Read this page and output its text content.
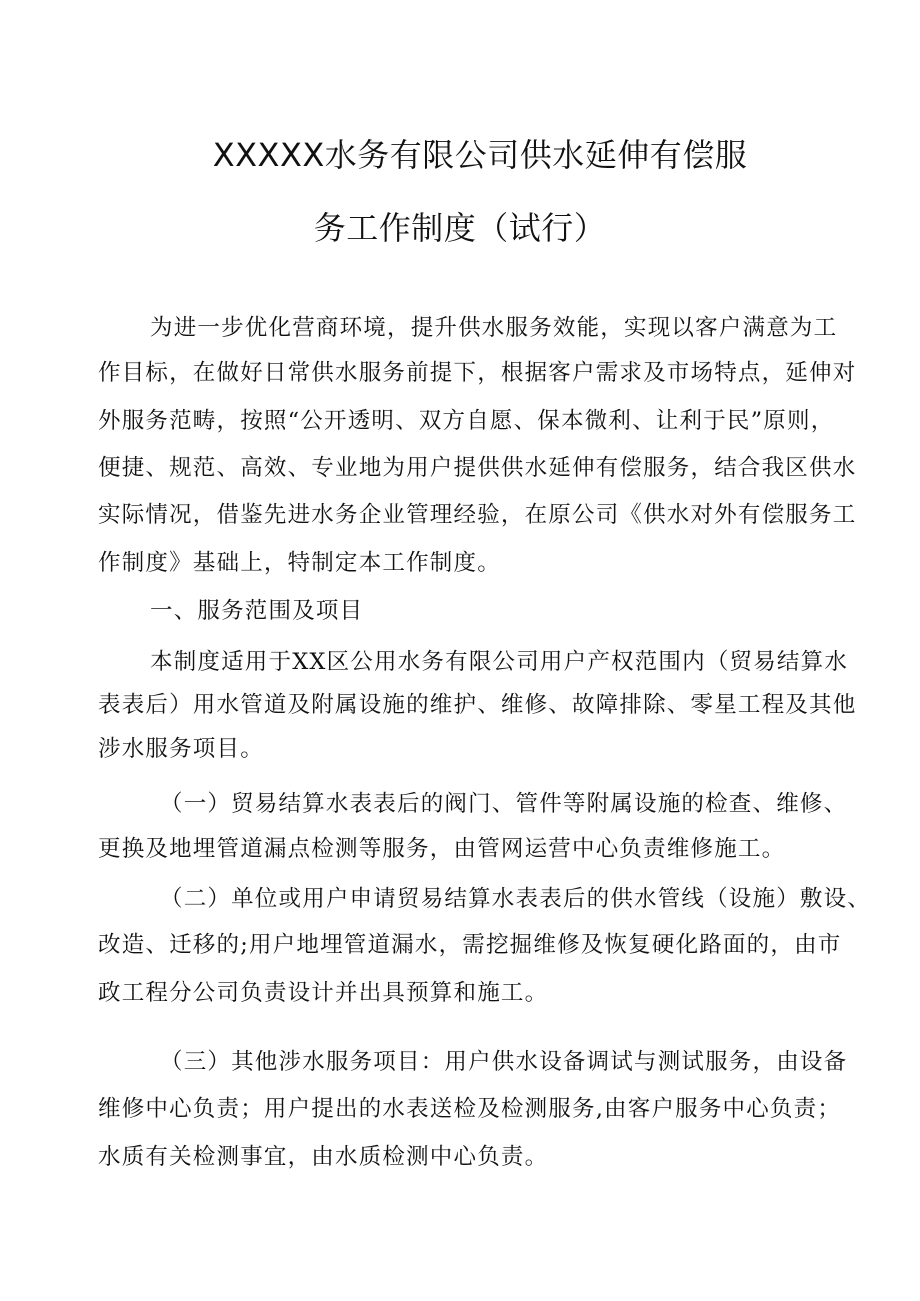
XXXXX水务有限公司供水延伸有偿服
务工作制度（试行）
为进一步优化营商环境，提升供水服务效能，实现以客户满意为工
作目标，在做好日常供水服务前提下，根据客户需求及市场特点，延伸对
外服务范畴，按照“公开透明、双方自愿、保本微利、让利于民”原则，
便捷、规范、高效、专业地为用户提供供水延伸有偿服务，结合我区供水
实际情况，借鉴先进水务企业管理经验，在原公司《供水对外有偿服务工
作制度》基础上，特制定本工作制度。
一、服务范围及项目
本制度适用于XX区公用水务有限公司用户产权范围内（贸易结算水
表表后）用水管道及附属设施的维护、维修、故障排除、零星工程及其他
涉水服务项目。
（一）贸易结算水表表后的阀门、管件等附属设施的检查、维修、
更换及地埋管道漏点检测等服务，由管网运营中心负责维修施工。
（二）单位或用户申请贸易结算水表表后的供水管线（设施）敷设、
改造、迁移的;用户地埋管道漏水，需挖掘维修及恢复硬化路面的，由市
政工程分公司负责设计并出具预算和施工。
（三）其他涉水服务项目：用户供水设备调试与测试服务，由设备
维修中心负责；用户提出的水表送检及检测服务,由客户服务中心负责；
水质有关检测事宜，由水质检测中心负责。
